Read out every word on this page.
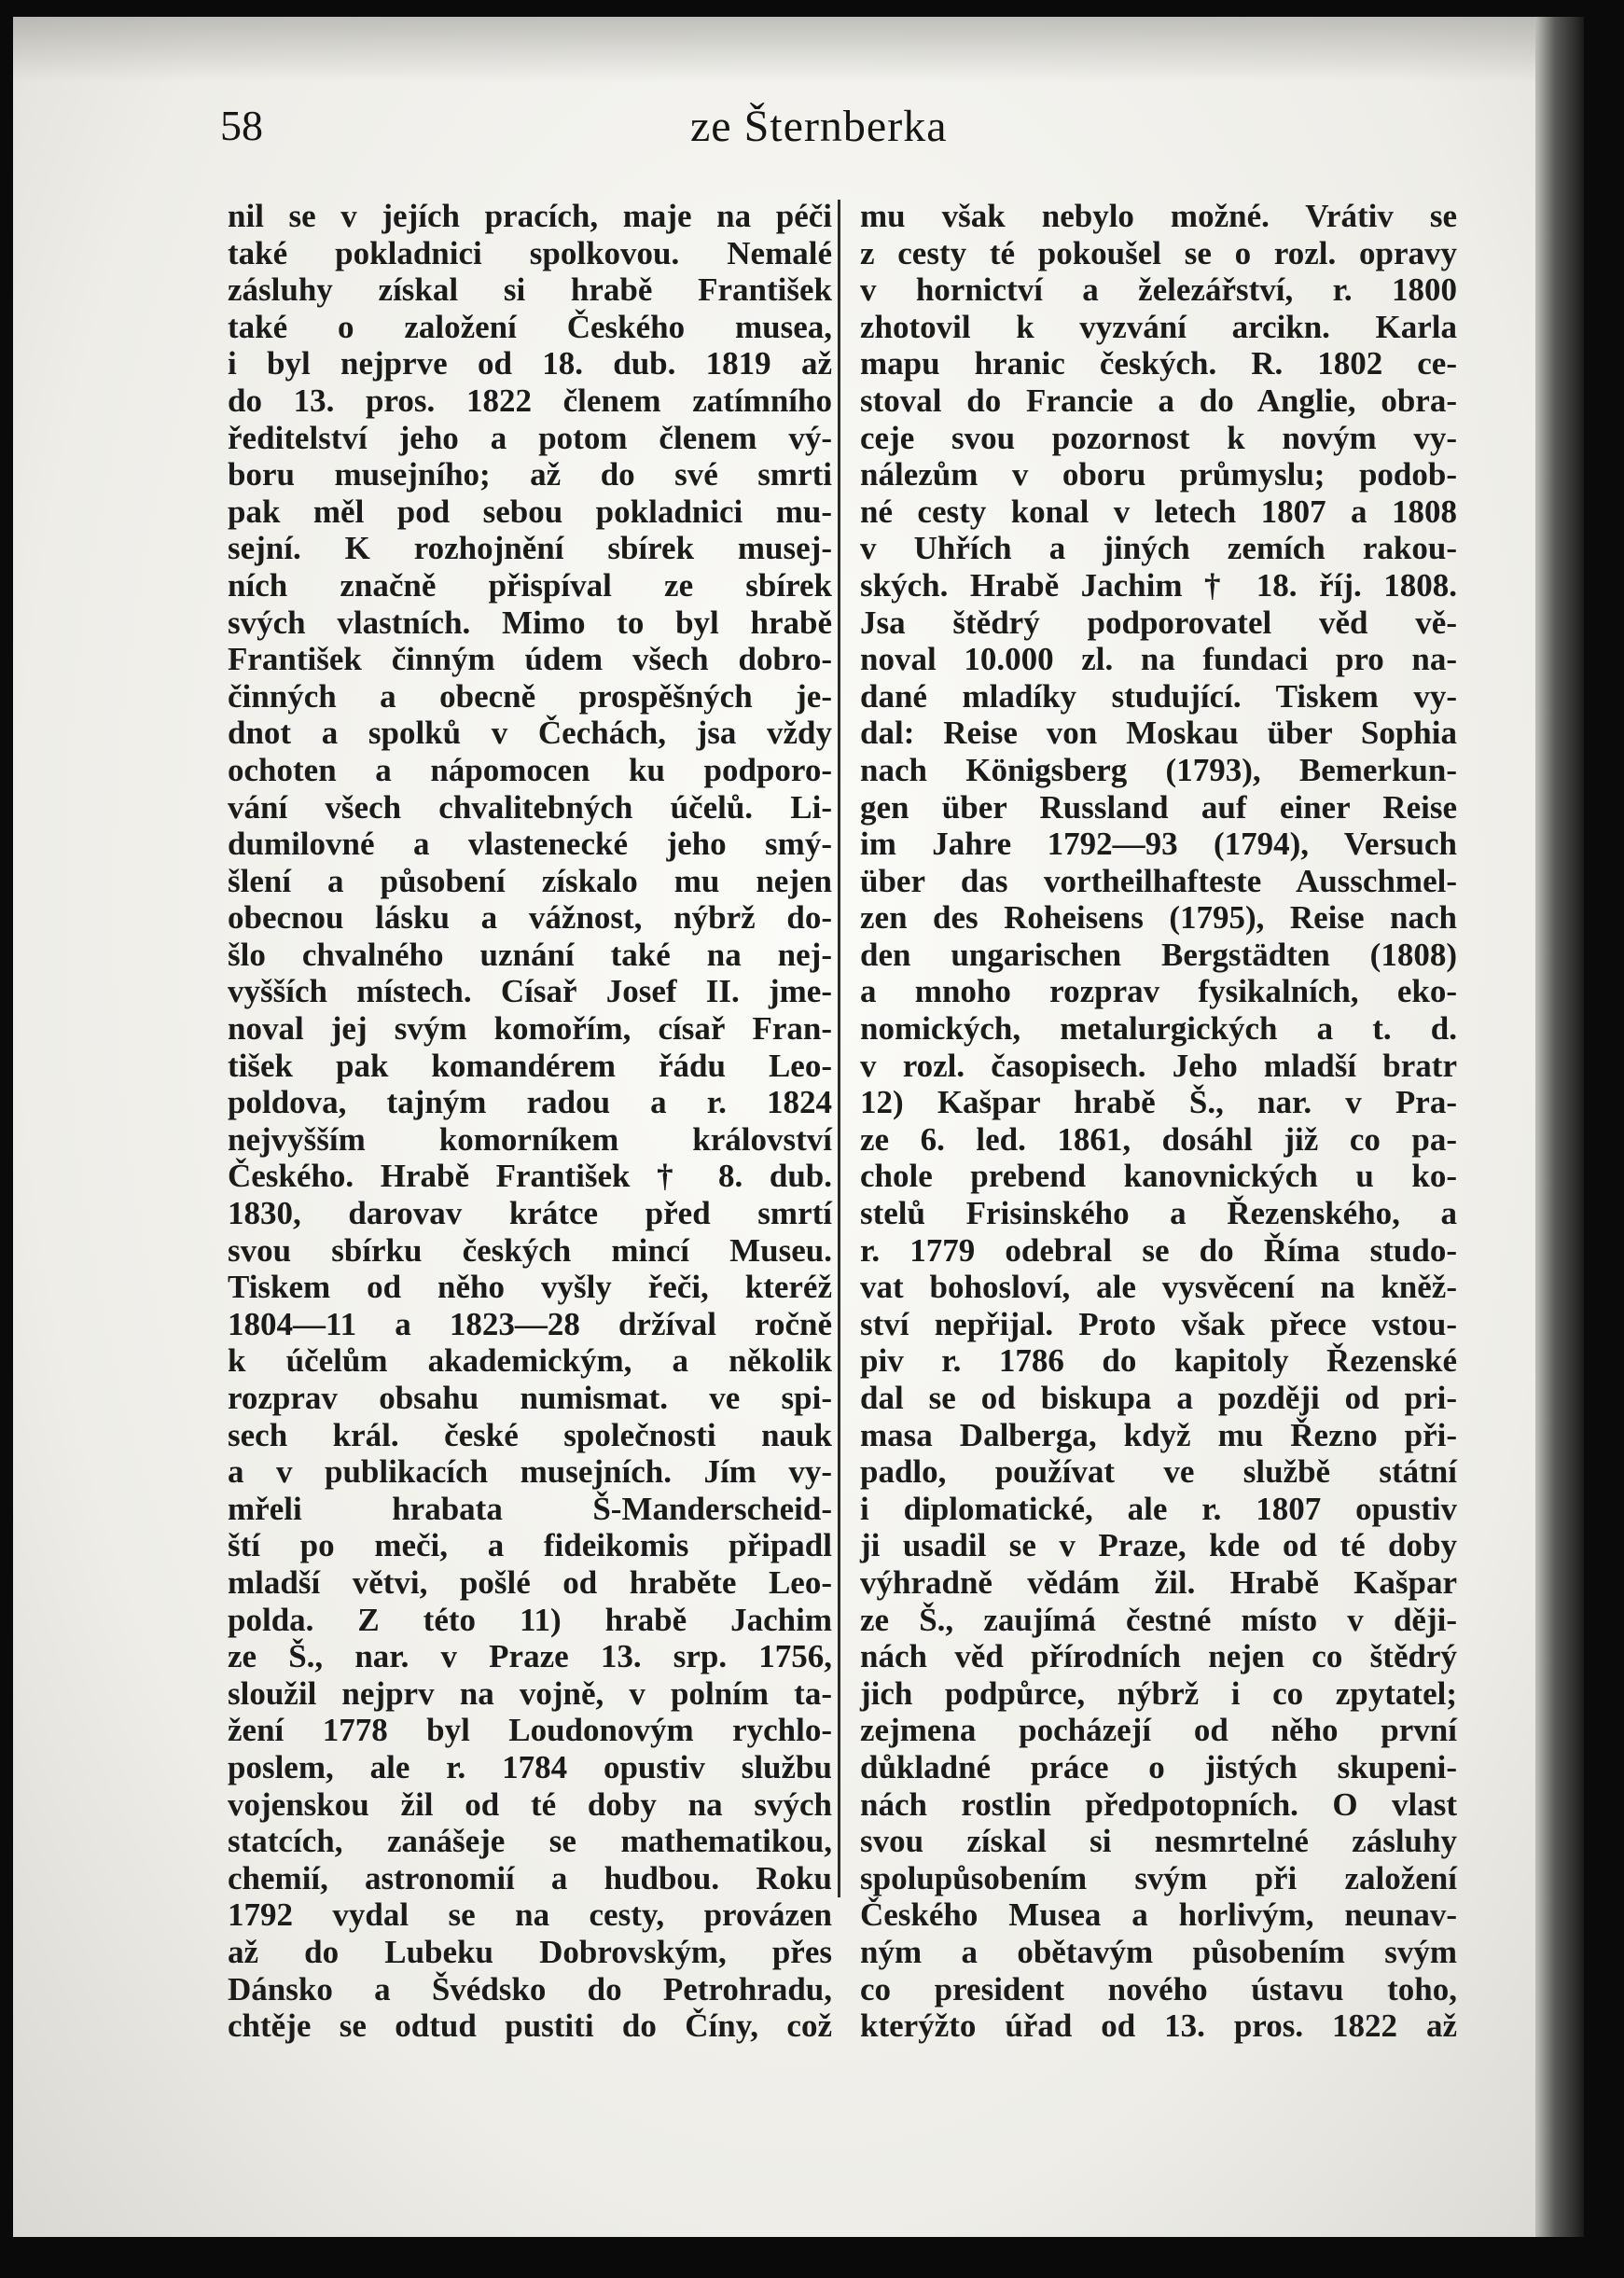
58	ze Šternberka

nil se v jejích pracích, maje na péči
také pokladnici spolkovou. Nemalé
zásluhy získal si hrabě František
také o založení Českého musea,
i byl nejprve od 18. dub. 1819 až
do 13. pros. 1822 členem zatímního
ředitelství jeho a potom členem vý-
boru musejního; až do své smrti
pak měl pod sebou pokladnici mu-
sejní. K rozhojnění sbírek musej-
ních značně přispíval ze sbírek
svých vlastních. Mimo to byl hrabě
František činným údem všech dobro-
činných a obecně prospěšných je-
dnot a spolků v Čechách, jsa vždy
ochoten a nápomocen ku podporo-
vání všech chvalitebných účelů. Li-
dumilovné a vlastenecké jeho smý-
šlení a působení získalo mu nejen
obecnou lásku a vážnost, nýbrž do-
šlo chvalného uznání také na nej-
vyšších místech. Císař Josef II. jme-
noval jej svým komořím, císař Fran-
tišek pak komandérem řádu Leo-
poldova, tajným radou a r. 1824
nejvyšším komorníkem království
Českého. Hrabě František † 8. dub.
1830, darovav krátce před smrtí
svou sbírku českých mincí Museu.
Tiskem od něho vyšly řeči, kteréž
1804—11 a 1823—28 držíval ročně
k účelům akademickým, a několik
rozprav obsahu numismat. ve spi-
sech král. české společnosti nauk
a v publikacích musejních. Jím vy-
mřeli hrabata Š-Manderscheid-
ští po meči, a fideikomis připadl
mladší větvi, pošlé od hraběte Leo-
polda. Z této 11) hrabě Jachim
ze Š., nar. v Praze 13. srp. 1756,
sloužil nejprv na vojně, v polním ta-
žení 1778 byl Loudonovým rychlo-
poslem, ale r. 1784 opustiv službu
vojenskou žil od té doby na svých
statcích, zanášeje se mathematikou,
chemií, astronomií a hudbou. Roku
1792 vydal se na cesty, provázen
až do Lubeku Dobrovským, přes
Dánsko a Švédsko do Petrohradu,
chtěje se odtud pustiti do Číny, což
mu však nebylo možné. Vrátiv se
z cesty té pokoušel se o rozl. opravy
v hornictví a železářství, r. 1800
zhotovil k vyzvání arcikn. Karla
mapu hranic českých. R. 1802 ce-
stoval do Francie a do Anglie, obra-
ceje svou pozornost k novým vy-
nálezům v oboru průmyslu; podob-
né cesty konal v letech 1807 a 1808
v Uhřích a jiných zemích rakou-
ských. Hrabě Jachim † 18. říj. 1808.
Jsa štědrý podporovatel věd vě-
noval 10.000 zl. na fundaci pro na-
dané mladíky studující. Tiskem vy-
dal: Reise von Moskau über Sophia
nach Königsberg (1793), Bemerkun-
gen über Russland auf einer Reise
im Jahre 1792—93 (1794), Versuch
über das vortheilhafteste Ausschmel-
zen des Roheisens (1795), Reise nach
den ungarischen Bergstädten (1808)
a mnoho rozprav fysikalních, eko-
nomických, metalurgických a t. d.
v rozl. časopisech. Jeho mladší bratr
12) Kašpar hrabě Š., nar. v Pra-
ze 6. led. 1861, dosáhl již co pa-
chole prebend kanovnických u ko-
stelů Frisinského a Řezenského, a
r. 1779 odebral se do Říma studo-
vat bohosloví, ale vysvěcení na kněž-
ství nepřijal. Proto však přece vstou-
piv r. 1786 do kapitoly Řezenské
dal se od biskupa a později od pri-
masa Dalberga, když mu Řezno při-
padlo, používat ve službě státní
i diplomatické, ale r. 1807 opustiv
ji usadil se v Praze, kde od té doby
výhradně vědám žil. Hrabě Kašpar
ze Š., zaujímá čestné místo v ději-
nách věd přírodních nejen co štědrý
jich podpůrce, nýbrž i co zpytatel;
zejmena pocházejí od něho první
důkladné práce o jistých skupeni-
nách rostlin předpotopních. O vlast
svou získal si nesmrtelné zásluhy
spolupůsobením svým při založení
Českého Musea a horlivým, neunav-
ným a obětavým působením svým
co president nového ústavu toho,
kterýžto úřad od 13. pros. 1822 až
